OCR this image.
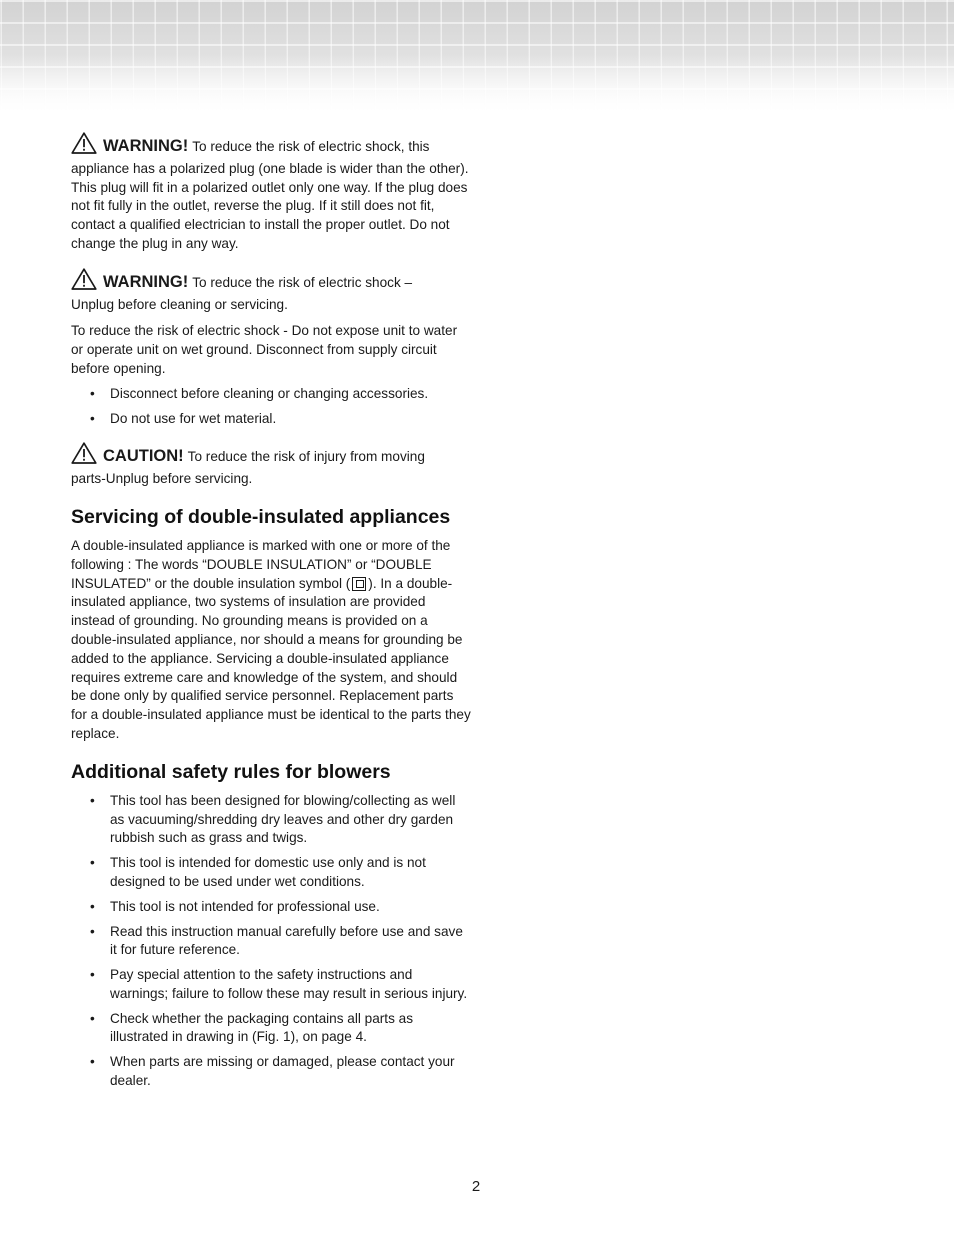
WARNING! To reduce the risk of electric shock, this
appliance has a polarized plug (one blade is wider than the other). This plug will fit in a polarized outlet only one way. If the plug does not fit fully in the outlet, reverse the plug. If it still does not fit, contact a qualified electrician to install the proper outlet. Do not change the plug in any way.
WARNING! To reduce the risk of electric shock –
Unplug before cleaning or servicing.

To reduce the risk of electric shock - Do not expose unit to water or operate unit on wet ground. Disconnect from supply circuit before opening.

• Disconnect before cleaning or changing accessories.
• Do not use for wet material.
CAUTION! To reduce the risk of injury from moving
parts-Unplug before servicing.
Servicing of double-insulated appliances

A double-insulated appliance is marked with one or more of the following : The words “DOUBLE INSULATION” or “DOUBLE INSULATED” or the double insulation symbol ( ). In a double-insulated appliance, two systems of insulation are provided instead of grounding. No grounding means is provided on a double-insulated appliance, nor should a means for grounding be added to the appliance. Servicing a double-insulated appliance requires extreme care and knowledge of the system, and should be done only by qualified service personnel. Replacement parts for a double-insulated appliance must be identical to the parts they replace.

Additional safety rules for blowers
• This tool has been designed for blowing/collecting as well as vacuuming/shredding dry leaves and other dry garden rubbish such as grass and twigs.
• This tool is intended for domestic use only and is not designed to be used under wet conditions.
• This tool is not intended for professional use.
• Read this instruction manual carefully before use and save it for future reference.
• Pay special attention to the safety instructions and warnings; failure to follow these may result in serious injury.
• Check whether the packaging contains all parts as illustrated in drawing in (Fig. 1), on page 4.
• When parts are missing or damaged, please contact your dealer.
2
